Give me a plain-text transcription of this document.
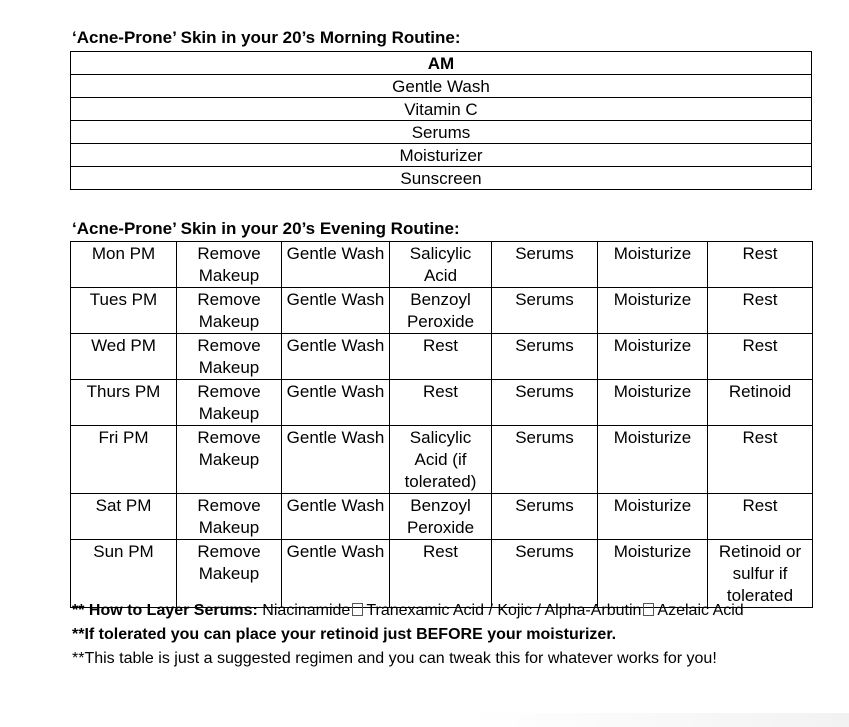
‘Acne-Prone’ Skin in your 20’s Morning Routine:
AM
Gentle Wash
Vitamin C
Serums
Moisturizer
Sunscreen
‘Acne-Prone’ Skin in your 20’s Evening Routine:
Mon PM	Remove Makeup	Gentle Wash	Salicylic Acid	Serums	Moisturize	Rest
Tues PM	Remove Makeup	Gentle Wash	Benzoyl Peroxide	Serums	Moisturize	Rest
Wed PM	Remove Makeup	Gentle Wash	Rest	Serums	Moisturize	Rest
Thurs PM	Remove Makeup	Gentle Wash	Rest	Serums	Moisturize	Retinoid
Fri PM	Remove Makeup	Gentle Wash	Salicylic Acid (if tolerated)	Serums	Moisturize	Rest
Sat PM	Remove Makeup	Gentle Wash	Benzoyl Peroxide	Serums	Moisturize	Rest
Sun PM	Remove Makeup	Gentle Wash	Rest	Serums	Moisturize	Retinoid or sulfur if tolerated
** How to Layer Serums: Niacinamide Tranexamic Acid / Kojic / Alpha-Arbutin Azelaic Acid
**If tolerated you can place your retinoid just BEFORE your moisturizer.
**This table is just a suggested regimen and you can tweak this for whatever works for you!
